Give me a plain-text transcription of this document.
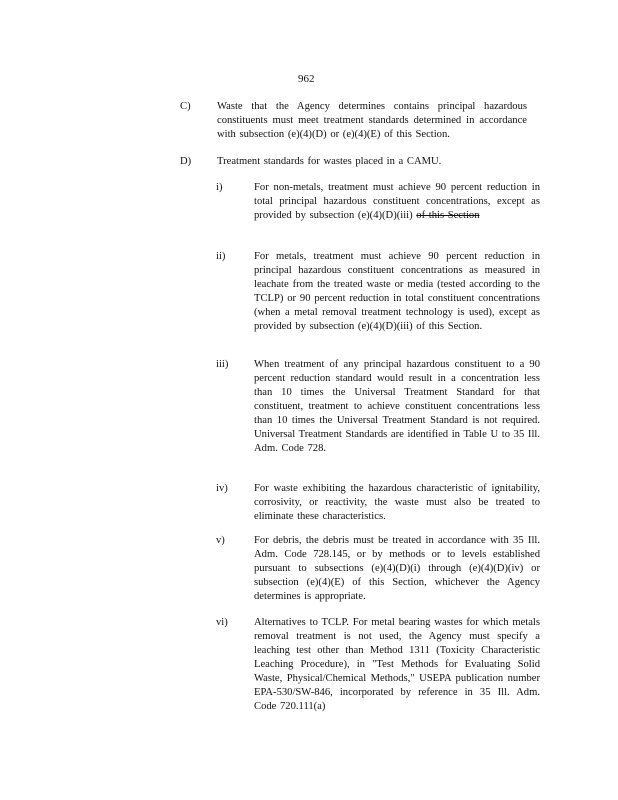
962
C) Waste that the Agency determines contains principal hazardous constituents must meet treatment standards determined in accordance with subsection (e)(4)(D) or (e)(4)(E) of this Section.
D) Treatment standards for wastes placed in a CAMU.
i)	For non-metals, treatment must achieve 90 percent reduction in total principal hazardous constituent concentrations, except as provided by subsection (e)(4)(D)(iii) of this Section
ii)	For metals, treatment must achieve 90 percent reduction in principal hazardous constituent concentrations as measured in leachate from the treated waste or media (tested according to the TCLP) or 90 percent reduction in total constituent concentrations (when a metal removal treatment technology is used), except as provided by subsection (e)(4)(D)(iii) of this Section.
iii) When treatment of any principal hazardous constituent to a 90 percent reduction standard would result in a concentration less than 10 times the Universal Treatment Standard for that constituent, treatment to achieve constituent concentrations less than 10 times the Universal Treatment Standard is not required. Universal Treatment Standards are identified in Table U to 35 Ill. Adm. Code 728.
iv) For waste exhibiting the hazardous characteristic of ignitability, corrosivity, or reactivity, the waste must also be treated to eliminate these characteristics.
v)	For debris, the debris must be treated in accordance with 35 Ill. Adm. Code 728.145, or by methods or to levels established pursuant to subsections (e)(4)(D)(i) through (e)(4)(D)(iv) or subsection (e)(4)(E) of this Section, whichever the Agency determines is appropriate.
vi) Alternatives to TCLP. For metal bearing wastes for which metals removal treatment is not used, the Agency must specify a leaching test other than Method 1311 (Toxicity Characteristic Leaching Procedure), in "Test Methods for Evaluating Solid Waste, Physical/Chemical Methods," USEPA publication number EPA-530/SW-846, incorporated by reference in 35 Ill. Adm. Code 720.111(a)
